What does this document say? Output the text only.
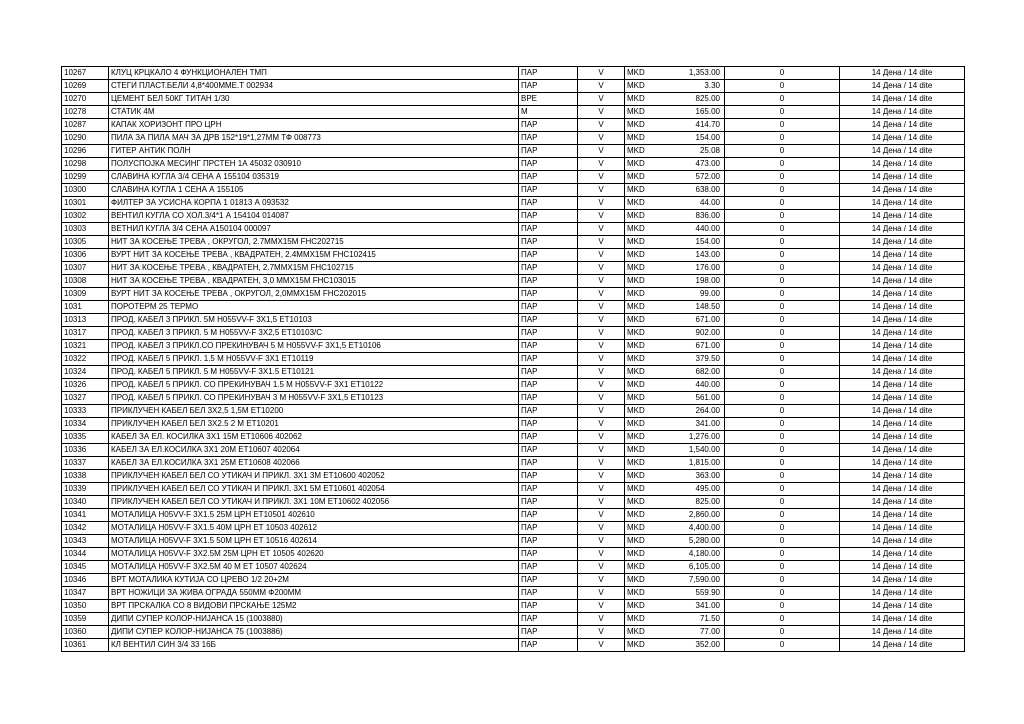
10267	КЛУЦ КРЦКАЛО 4 ФУНКЦИОНАЛЕН ТМП	ПАР	V	MKD	1,353.00	0	14 Дена / 14 dite
10269	СТЕГИ ПЛАСТ.БЕЛИ 4,8*400ММЕ.Т 002934	ПАР	V	MKD	3.30	0	14 Дена / 14 dite
10270	ЦЕМЕНТ БЕЛ 50КГ ТИТАН 1/30	ВРЕ	V	MKD	825.00	0	14 Дена / 14 dite
10278	СТАТИК 4М	М	V	MKD	165.00	0	14 Дена / 14 dite
10287	КАПАК ХОРИЗОНТ ПРО ЦРН	ПАР	V	MKD	414.70	0	14 Дена / 14 dite
10290	ПИЛА ЗА ПИЛА МАЧ ЗА ДРВ 152*19*1,27ММ ТФ 008773	ПАР	V	MKD	154.00	0	14 Дена / 14 dite
10296	ГИТЕР АНТИК ПОЛН	ПАР	V	MKD	25.08	0	14 Дена / 14 dite
10298	ПОЛУСПОЈКА МЕСИНГ ПРСТЕН 1А 45032 030910	ПАР	V	MKD	473.00	0	14 Дена / 14 dite
10299	СЛАВИНА КУГЛА 3/4 СЕНА А 155104 035319	ПАР	V	MKD	572.00	0	14 Дена / 14 dite
10300	СЛАВИНА КУГЛА 1 СЕНА А 155105	ПАР	V	MKD	638.00	0	14 Дена / 14 dite
10301	ФИЛТЕР ЗА УСИСНА КОРПА 1 01813 А 093532	ПАР	V	MKD	44.00	0	14 Дена / 14 dite
10302	ВЕНТИЛ КУГЛА СО ХОЛ.3/4*1 А 154104 014087	ПАР	V	MKD	836.00	0	14 Дена / 14 dite
10303	ВЕТНИЛ КУГЛА 3/4 СЕНА А150104 000097	ПАР	V	MKD	440.00	0	14 Дена / 14 dite
10305	НИТ ЗА КОСЕЊЕ ТРЕВА , ОКРУГОЛ, 2.7ММХ15М FHC202715	ПАР	V	MKD	154.00	0	14 Дена / 14 dite
10306	ВУРТ НИТ ЗА КОСЕЊЕ ТРЕВА , КВАДРАТЕН, 2.4ММХ15М FHC102415	ПАР	V	MKD	143.00	0	14 Дена / 14 dite
10307	НИТ ЗА КОСЕЊЕ ТРЕВА , КВАДРАТЕН, 2.7ММХ15М FHC102715	ПАР	V	MKD	176.00	0	14 Дена / 14 dite
10308	НИТ ЗА КОСЕЊЕ ТРЕВА , КВАДРАТЕН, 3,0 ММХ15М FHC103015	ПАР	V	MKD	198.00	0	14 Дена / 14 dite
10309	ВУРТ НИТ ЗА КОСЕЊЕ ТРЕВА , ОКРУГОЛ, 2,0ММХ15М FHC202015	ПАР	V	MKD	99.00	0	14 Дена / 14 dite
1031	ПОРОТЕРМ 25 ТЕРМО	ПАР	V	MKD	148.50	0	14 Дена / 14 dite
10313	ПРОД. КАБЕЛ 3 ПРИКЛ. 5М H055VV-F 3X1,5 ЕТ10103	ПАР	V	MKD	671.00	0	14 Дена / 14 dite
10317	ПРОД. КАБЕЛ 3 ПРИКЛ. 5 М H055VV-F 3X2,5 ЕТ10103/С	ПАР	V	MKD	902.00	0	14 Дена / 14 dite
10321	ПРОД. КАБЕЛ 3 ПРИКЛ.СО ПРЕКИНУВАЧ 5 М H055VV-F 3X1,5 ЕТ10106	ПАР	V	MKD	671.00	0	14 Дена / 14 dite
10322	ПРОД. КАБЕЛ 5 ПРИКЛ. 1.5 М H055VV-F 3X1 ЕТ10119	ПАР	V	MKD	379.50	0	14 Дена / 14 dite
10324	ПРОД. КАБЕЛ 5 ПРИКЛ. 5 М H055VV-F 3X1.5 ЕТ10121	ПАР	V	MKD	682.00	0	14 Дена / 14 dite
10326	ПРОД. КАБЕЛ 5 ПРИКЛ. СО ПРЕКИНУВАЧ 1.5 М H055VV-F 3X1 ЕТ10122	ПАР	V	MKD	440.00	0	14 Дена / 14 dite
10327	ПРОД. КАБЕЛ 5 ПРИКЛ. СО ПРЕКИНУВАЧ 3 М H055VV-F 3X1,5 ЕТ10123	ПАР	V	MKD	561.00	0	14 Дена / 14 dite
10333	ПРИКЛУЧЕН КАБЕЛ БЕЛ 3Х2,5 1,5М ЕТ10200	ПАР	V	MKD	264.00	0	14 Дена / 14 dite
10334	ПРИКЛУЧЕН КАБЕЛ БЕЛ 3Х2.5 2 М ЕТ10201	ПАР	V	MKD	341.00	0	14 Дена / 14 dite
10335	КАБЕЛ ЗА ЕЛ. КОСИЛКА 3Х1 15М ЕТ10606 402062	ПАР	V	MKD	1,276.00	0	14 Дена / 14 dite
10336	КАБЕЛ ЗА ЕЛ.КОСИЛКА 3Х1 20М ЕТ10607 402064	ПАР	V	MKD	1,540.00	0	14 Дена / 14 dite
10337	КАБЕЛ ЗА ЕЛ.КОСИЛКА 3Х1 25М ЕТ10608 402066	ПАР	V	MKD	1,815.00	0	14 Дена / 14 dite
10338	ПРИКЛУЧЕН КАБЕЛ БЕЛ СО УТИКАЧ И ПРИКЛ. 3Х1 3М ЕТ10600 402052	ПАР	V	MKD	363.00	0	14 Дена / 14 dite
10339	ПРИКЛУЧЕН КАБЕЛ БЕЛ СО УТИКАЧ И ПРИКЛ. 3Х1 5М ЕТ10601 402054	ПАР	V	MKD	495.00	0	14 Дена / 14 dite
10340	ПРИКЛУЧЕН КАБЕЛ БЕЛ СО УТИКАЧ И ПРИКЛ. 3Х1 10М ЕТ10602 402056	ПАР	V	MKD	825.00	0	14 Дена / 14 dite
10341	МОТАЛИЦА H05VV-F 3X1.5 25М ЦРН ЕТ10501 402610	ПАР	V	MKD	2,860.00	0	14 Дена / 14 dite
10342	МОТАЛИЦА H05VV-F 3X1.5 40М ЦРН ЕТ 10503 402612	ПАР	V	MKD	4,400.00	0	14 Дена / 14 dite
10343	МОТАЛИЦА H05VV-F 3X1.5 50М ЦРН ЕТ 10516 402614	ПАР	V	MKD	5,280.00	0	14 Дена / 14 dite
10344	МОТАЛИЦА H05VV-F 3X2.5М 25М ЦРН ЕТ 10505 402620	ПАР	V	MKD	4,180.00	0	14 Дена / 14 dite
10345	МОТАЛИЦА H05VV-F 3X2.5М 40 М ЕТ 10507 402624	ПАР	V	MKD	6,105.00	0	14 Дена / 14 dite
10346	ВРТ МОТАЛИКА КУТИЈА СО ЦРЕВО 1/2 20+2М	ПАР	V	MKD	7,590.00	0	14 Дена / 14 dite
10347	ВРТ НОЖИЦИ ЗА ЖИВА ОГРАДА 550ММ Ф200ММ	ПАР	V	MKD	559.90	0	14 Дена / 14 dite
10350	ВРТ ПРСКАЛКА СО 8 ВИДОВИ ПРСКАЊЕ 125М2	ПАР	V	MKD	341.00	0	14 Дена / 14 dite
10359	ДИПИ СУПЕР КОЛОР-НИЈАНСА 15 (1003880)	ПАР	V	MKD	71.50	0	14 Дена / 14 dite
10360	ДИПИ СУПЕР КОЛОР-НИЈАНСА 75 (1003886)	ПАР	V	MKD	77.00	0	14 Дена / 14 dite
10361	КЛ ВЕНТИЛ СИН 3/4 33 16Б	ПАР	V	MKD	352.00	0	14 Дена / 14 dite
